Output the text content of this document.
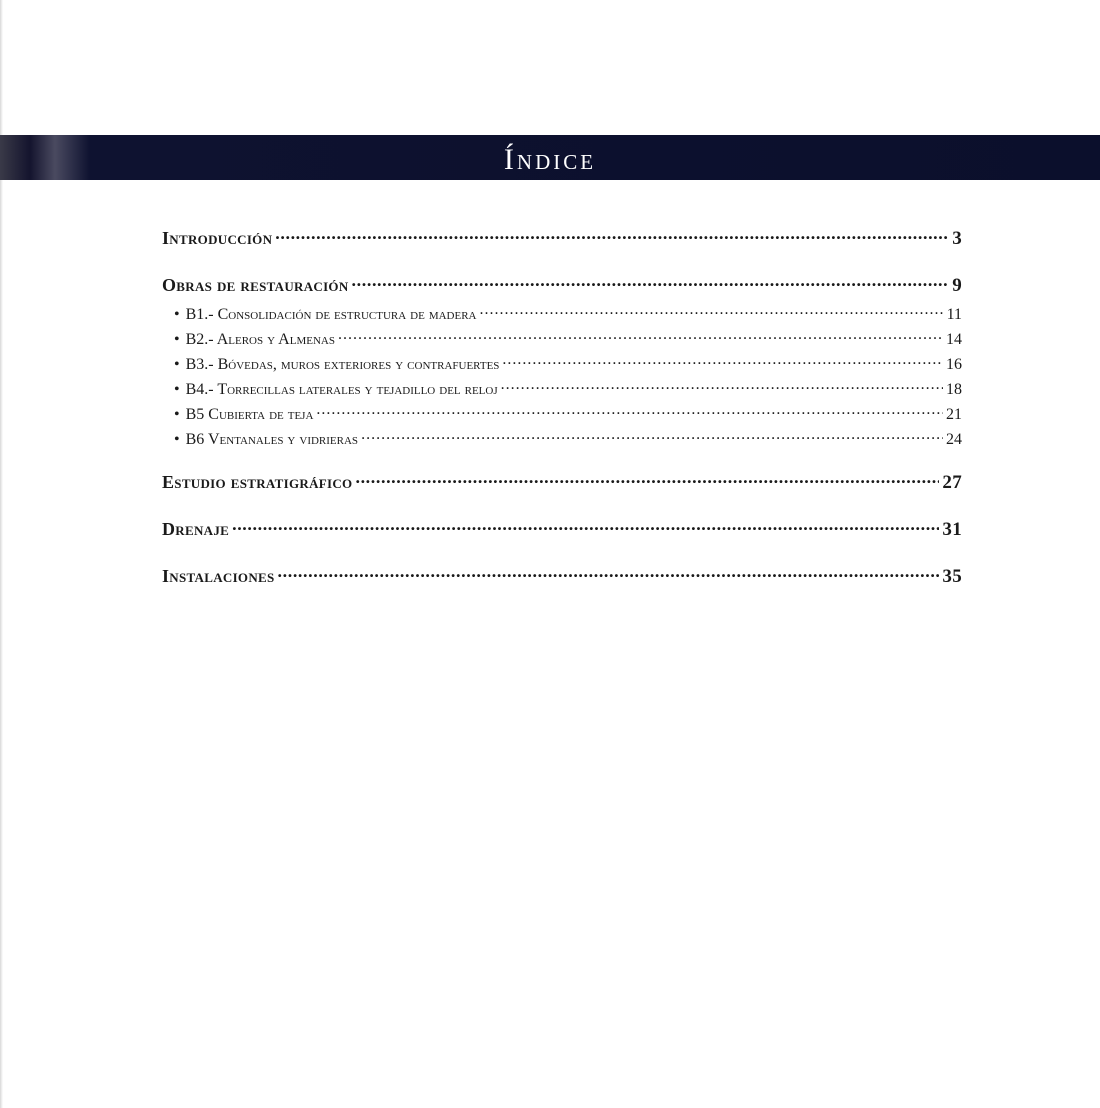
Índice
Introducción .....	3
Obras de restauración .....	9
• B1.- Consolidación de estructura de madera .....	11
• B2.- Aleros y Almenas .....	14
• B3.- Bóvedas, muros exteriores y contrafuertes .....	16
• B4.- Torrecillas laterales y tejadillo del reloj .....	18
• B5 Cubierta de teja .....	21
• B6 Ventanales y vidrieras .....	24
Estudio estratigráfico .....	27
Drenaje .....	31
Instalaciones .....	35
